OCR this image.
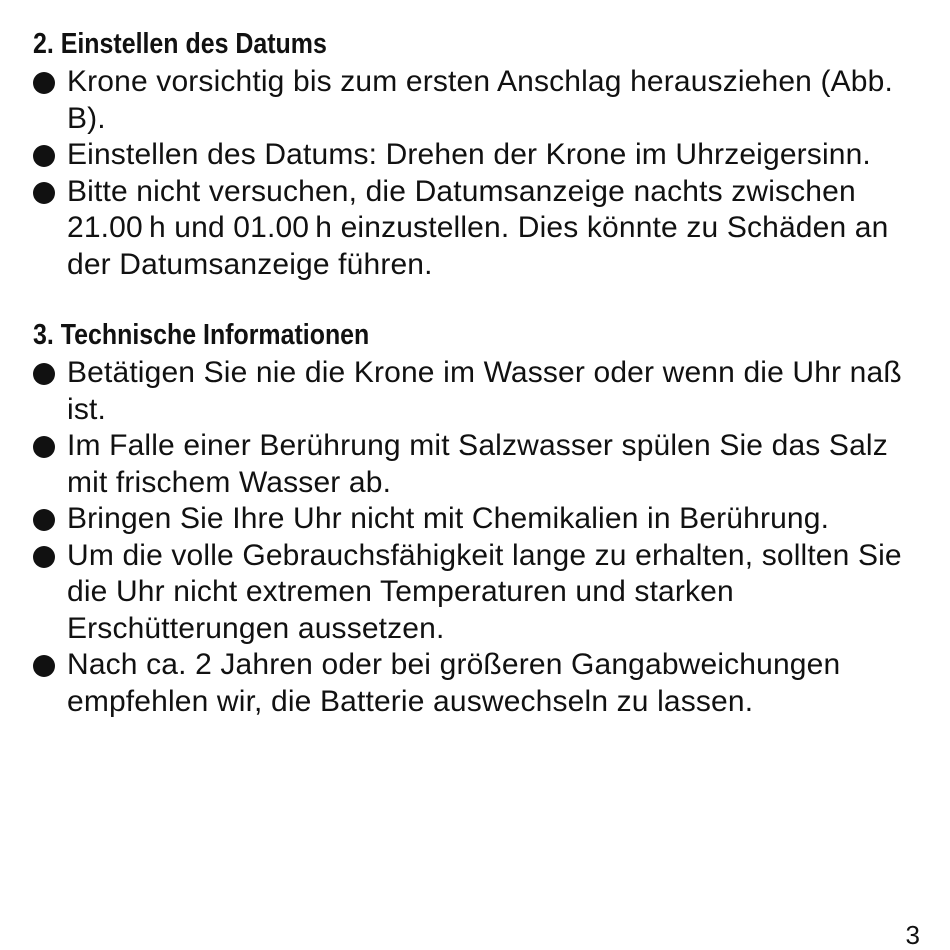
2. Einstellen des Datums
Krone vorsichtig bis zum ersten Anschlag herausziehen (Abb. B).
Einstellen des Datums: Drehen der Krone im Uhrzeigersinn.
Bitte nicht versuchen, die Datumsanzeige nachts zwischen 21.00 h und 01.00 h einzustellen. Dies könnte zu Schäden an der Datumsanzeige führen.
3. Technische Informationen
Betätigen Sie nie die Krone im Wasser oder wenn die Uhr naß ist.
Im Falle einer Berührung mit Salzwasser spülen Sie das Salz mit frischem Wasser ab.
Bringen Sie Ihre Uhr nicht mit Chemikalien in Berührung.
Um die volle Gebrauchsfähigkeit lange zu erhalten, sollten Sie die Uhr nicht extremen Temperaturen und starken Erschütterungen aussetzen.
Nach ca. 2 Jahren oder bei größeren Gangabweichungen empfehlen wir, die Batterie auswechseln zu lassen.
3
